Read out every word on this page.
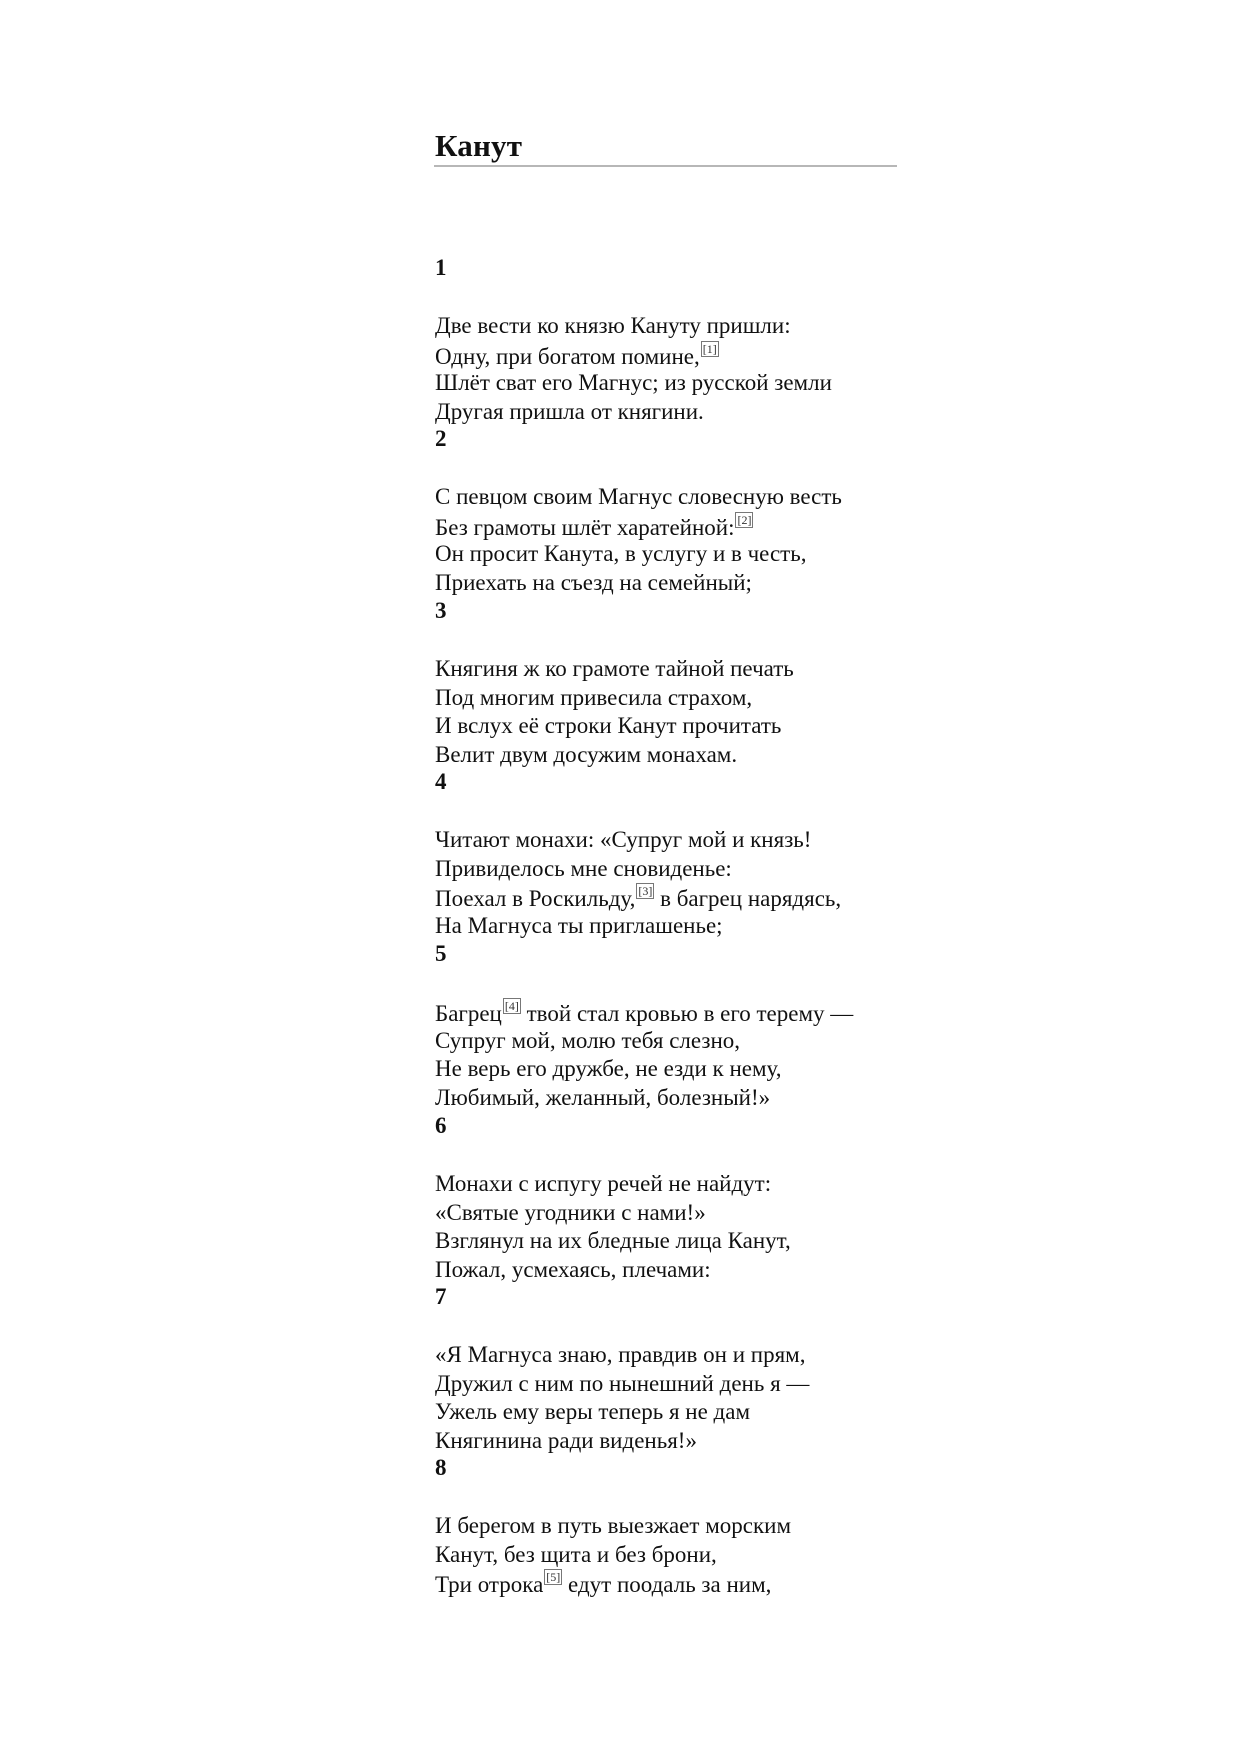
Канут

1

Две вести ко князю Кануту пришли:

Одну, при богатом помине, [1]

Шлёт сват его Магнус; из русской земли

Другая пришла от княгини.

2

С певцом своим Магнус словесную весть

Без грамоты шлёт харатейной: [2]

Он просит Канута, в услугу и в честь,

Приехать на съезд на семейный;

3

Княгиня ж ко грамоте тайной печать

Под многим привесила страхом,

И вслух её строки Канут прочитать

Велит двум досужим монахам.

4

Читают монахи: «Супруг мой и князь!

Привиделось мне сновиденье:

Поехал в Роскильду, [3] в багрец нарядясь,

На Магнуса ты приглашенье;

5

Багрец [4] твой стал кровью в его терему —

Супруг мой, молю тебя слезно,

Не верь его дружбе, не езди к нему,

Любимый, желанный, болезный!»

6

Монахи с испугу речей не найдут:

«Святые угодники с нами!»

Взглянул на их бледные лица Канут,

Пожал, усмехаясь, плечами:

7

«Я Магнуса знаю, правдив он и прям,

Дружил с ним по нынешний день я —

Ужель ему веры теперь я не дам

Княгинина ради виденья!»

8

И берегом в путь выезжает морским

Канут, без щита и без брони,

Три отрока [5] едут поодаль за ним,
